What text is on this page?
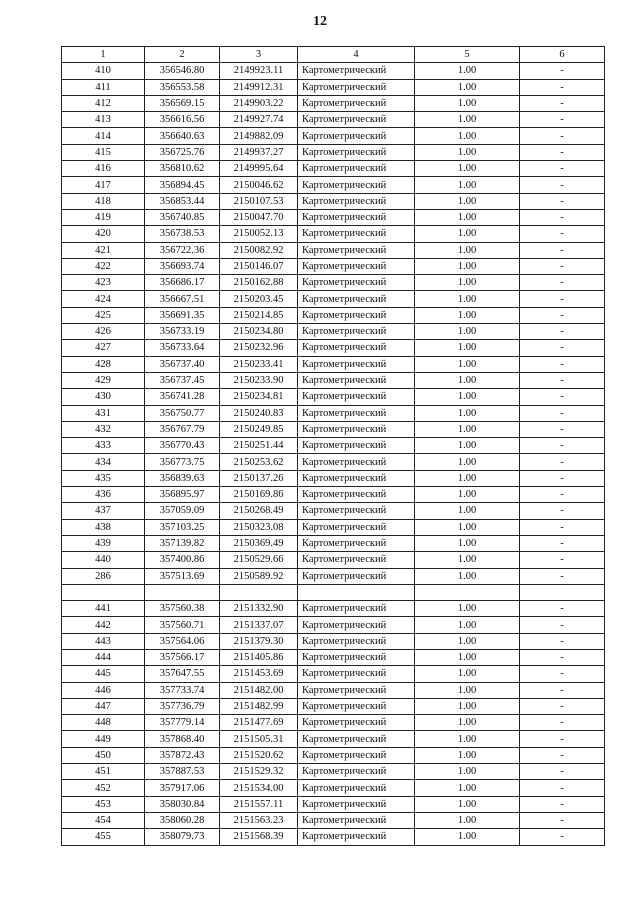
12
1	2	3	4	5	6
410	356546.80	2149923.11	Картометрический	1.00	-
411	356553.58	2149912.31	Картометрический	1.00	-
412	356569.15	2149903.22	Картометрический	1.00	-
413	356616.56	2149927.74	Картометрический	1.00	-
414	356640.63	2149882.09	Картометрический	1.00	-
415	356725.76	2149937.27	Картометрический	1.00	-
416	356810.62	2149995.64	Картометрический	1.00	-
417	356894.45	2150046.62	Картометрический	1.00	-
418	356853.44	2150107.53	Картометрический	1.00	-
419	356740.85	2150047.70	Картометрический	1.00	-
420	356738.53	2150052.13	Картометрический	1.00	-
421	356722.36	2150082.92	Картометрический	1.00	-
422	356693.74	2150146.07	Картометрический	1.00	-
423	356686.17	2150162.88	Картометрический	1.00	-
424	356667.51	2150203.45	Картометрический	1.00	-
425	356691.35	2150214.85	Картометрический	1.00	-
426	356733.19	2150234.80	Картометрический	1.00	-
427	356733.64	2150232.96	Картометрический	1.00	-
428	356737.40	2150233.41	Картометрический	1.00	-
429	356737.45	2150233.90	Картометрический	1.00	-
430	356741.28	2150234.81	Картометрический	1.00	-
431	356750.77	2150240.83	Картометрический	1.00	-
432	356767.79	2150249.85	Картометрический	1.00	-
433	356770.43	2150251.44	Картометрический	1.00	-
434	356773.75	2150253.62	Картометрический	1.00	-
435	356839.63	2150137.26	Картометрический	1.00	-
436	356895.97	2150169.86	Картометрический	1.00	-
437	357059.09	2150268.49	Картометрический	1.00	-
438	357103.25	2150323.08	Картометрический	1.00	-
439	357139.82	2150369.49	Картометрический	1.00	-
440	357400.86	2150529.66	Картометрический	1.00	-
286	357513.69	2150589.92	Картометрический	1.00	-

441	357560.38	2151332.90	Картометрический	1.00	-
442	357560.71	2151337.07	Картометрический	1.00	-
443	357564.06	2151379.30	Картометрический	1.00	-
444	357566.17	2151405.86	Картометрический	1.00	-
445	357647.55	2151453.69	Картометрический	1.00	-
446	357733.74	2151482.00	Картометрический	1.00	-
447	357736.79	2151482.99	Картометрический	1.00	-
448	357779.14	2151477.69	Картометрический	1.00	-
449	357868.40	2151505.31	Картометрический	1.00	-
450	357872.43	2151520.62	Картометрический	1.00	-
451	357887.53	2151529.32	Картометрический	1.00	-
452	357917.06	2151534.00	Картометрический	1.00	-
453	358030.84	2151557.11	Картометрический	1.00	-
454	358060.28	2151563.23	Картометрический	1.00	-
455	358079.73	2151568.39	Картометрический	1.00	-
